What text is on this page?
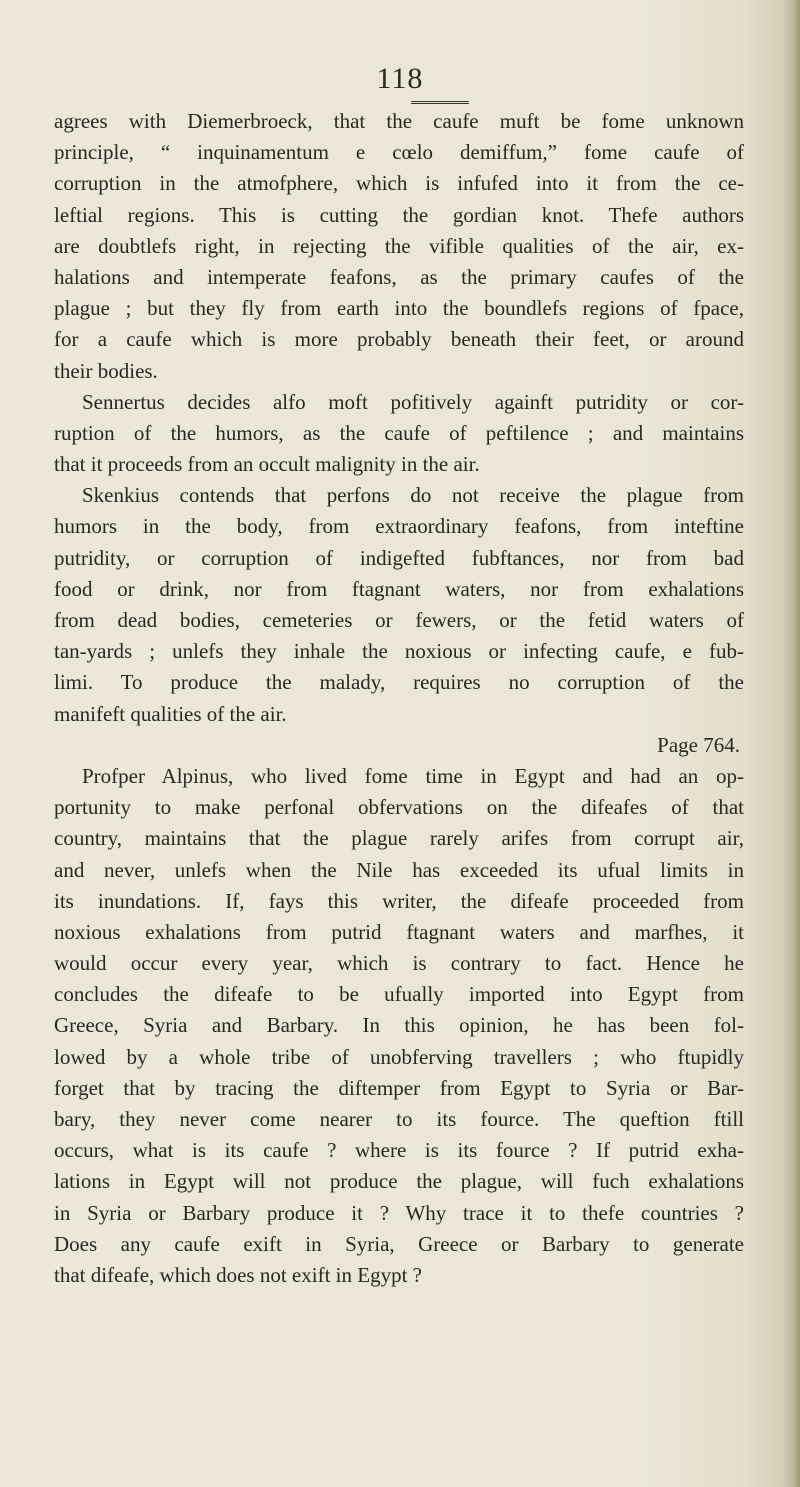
118
agrees with Diemerbroeck, that the caufe muft be fome unknown
principle, “ inquinamentum e cœlo demiffum,” fome caufe of
corruption in the atmofphere, which is infufed into it from the ce-
leftial regions. This is cutting the gordian knot. Thefe authors
are doubtlefs right, in rejecting the vifible qualities of the air, ex-
halations and intemperate feafons, as the primary caufes of the
plague ; but they fly from earth into the boundlefs regions of fpace,
for a caufe which is more probably beneath their feet, or around
their bodies.
Sennertus decides alfo moft pofitively againft putridity or cor-
ruption of the humors, as the caufe of peftilence ; and maintains
that it proceeds from an occult malignity in the air.
Skenkius contends that perfons do not receive the plague from
humors in the body, from extraordinary feafons, from inteftine
putridity, or corruption of indigefted fubftances, nor from bad
food or drink, nor from ftagnant waters, nor from exhalations
from dead bodies, cemeteries or fewers, or the fetid waters of
tan-yards ; unlefs they inhale the noxious or infecting caufe, e fub-
limi. To produce the malady, requires no corruption of the
manifeft qualities of the air.
Page 764.
Profper Alpinus, who lived fome time in Egypt and had an op-
portunity to make perfonal obfervations on the difeafes of that
country, maintains that the plague rarely arifes from corrupt air,
and never, unlefs when the Nile has exceeded its ufual limits in
its inundations. If, fays this writer, the difeafe proceeded from
noxious exhalations from putrid ftagnant waters and marfhes, it
would occur every year, which is contrary to fact. Hence he
concludes the difeafe to be ufually imported into Egypt from
Greece, Syria and Barbary. In this opinion, he has been fol-
lowed by a whole tribe of unobferving travellers ; who ftupidly
forget that by tracing the diftemper from Egypt to Syria or Bar-
bary, they never come nearer to its fource. The queftion ftill
occurs, what is its caufe ? where is its fource ? If putrid exha-
lations in Egypt will not produce the plague, will fuch exhalations
in Syria or Barbary produce it ? Why trace it to thefe countries ?
Does any caufe exift in Syria, Greece or Barbary to generate
that difeafe, which does not exift in Egypt ?
